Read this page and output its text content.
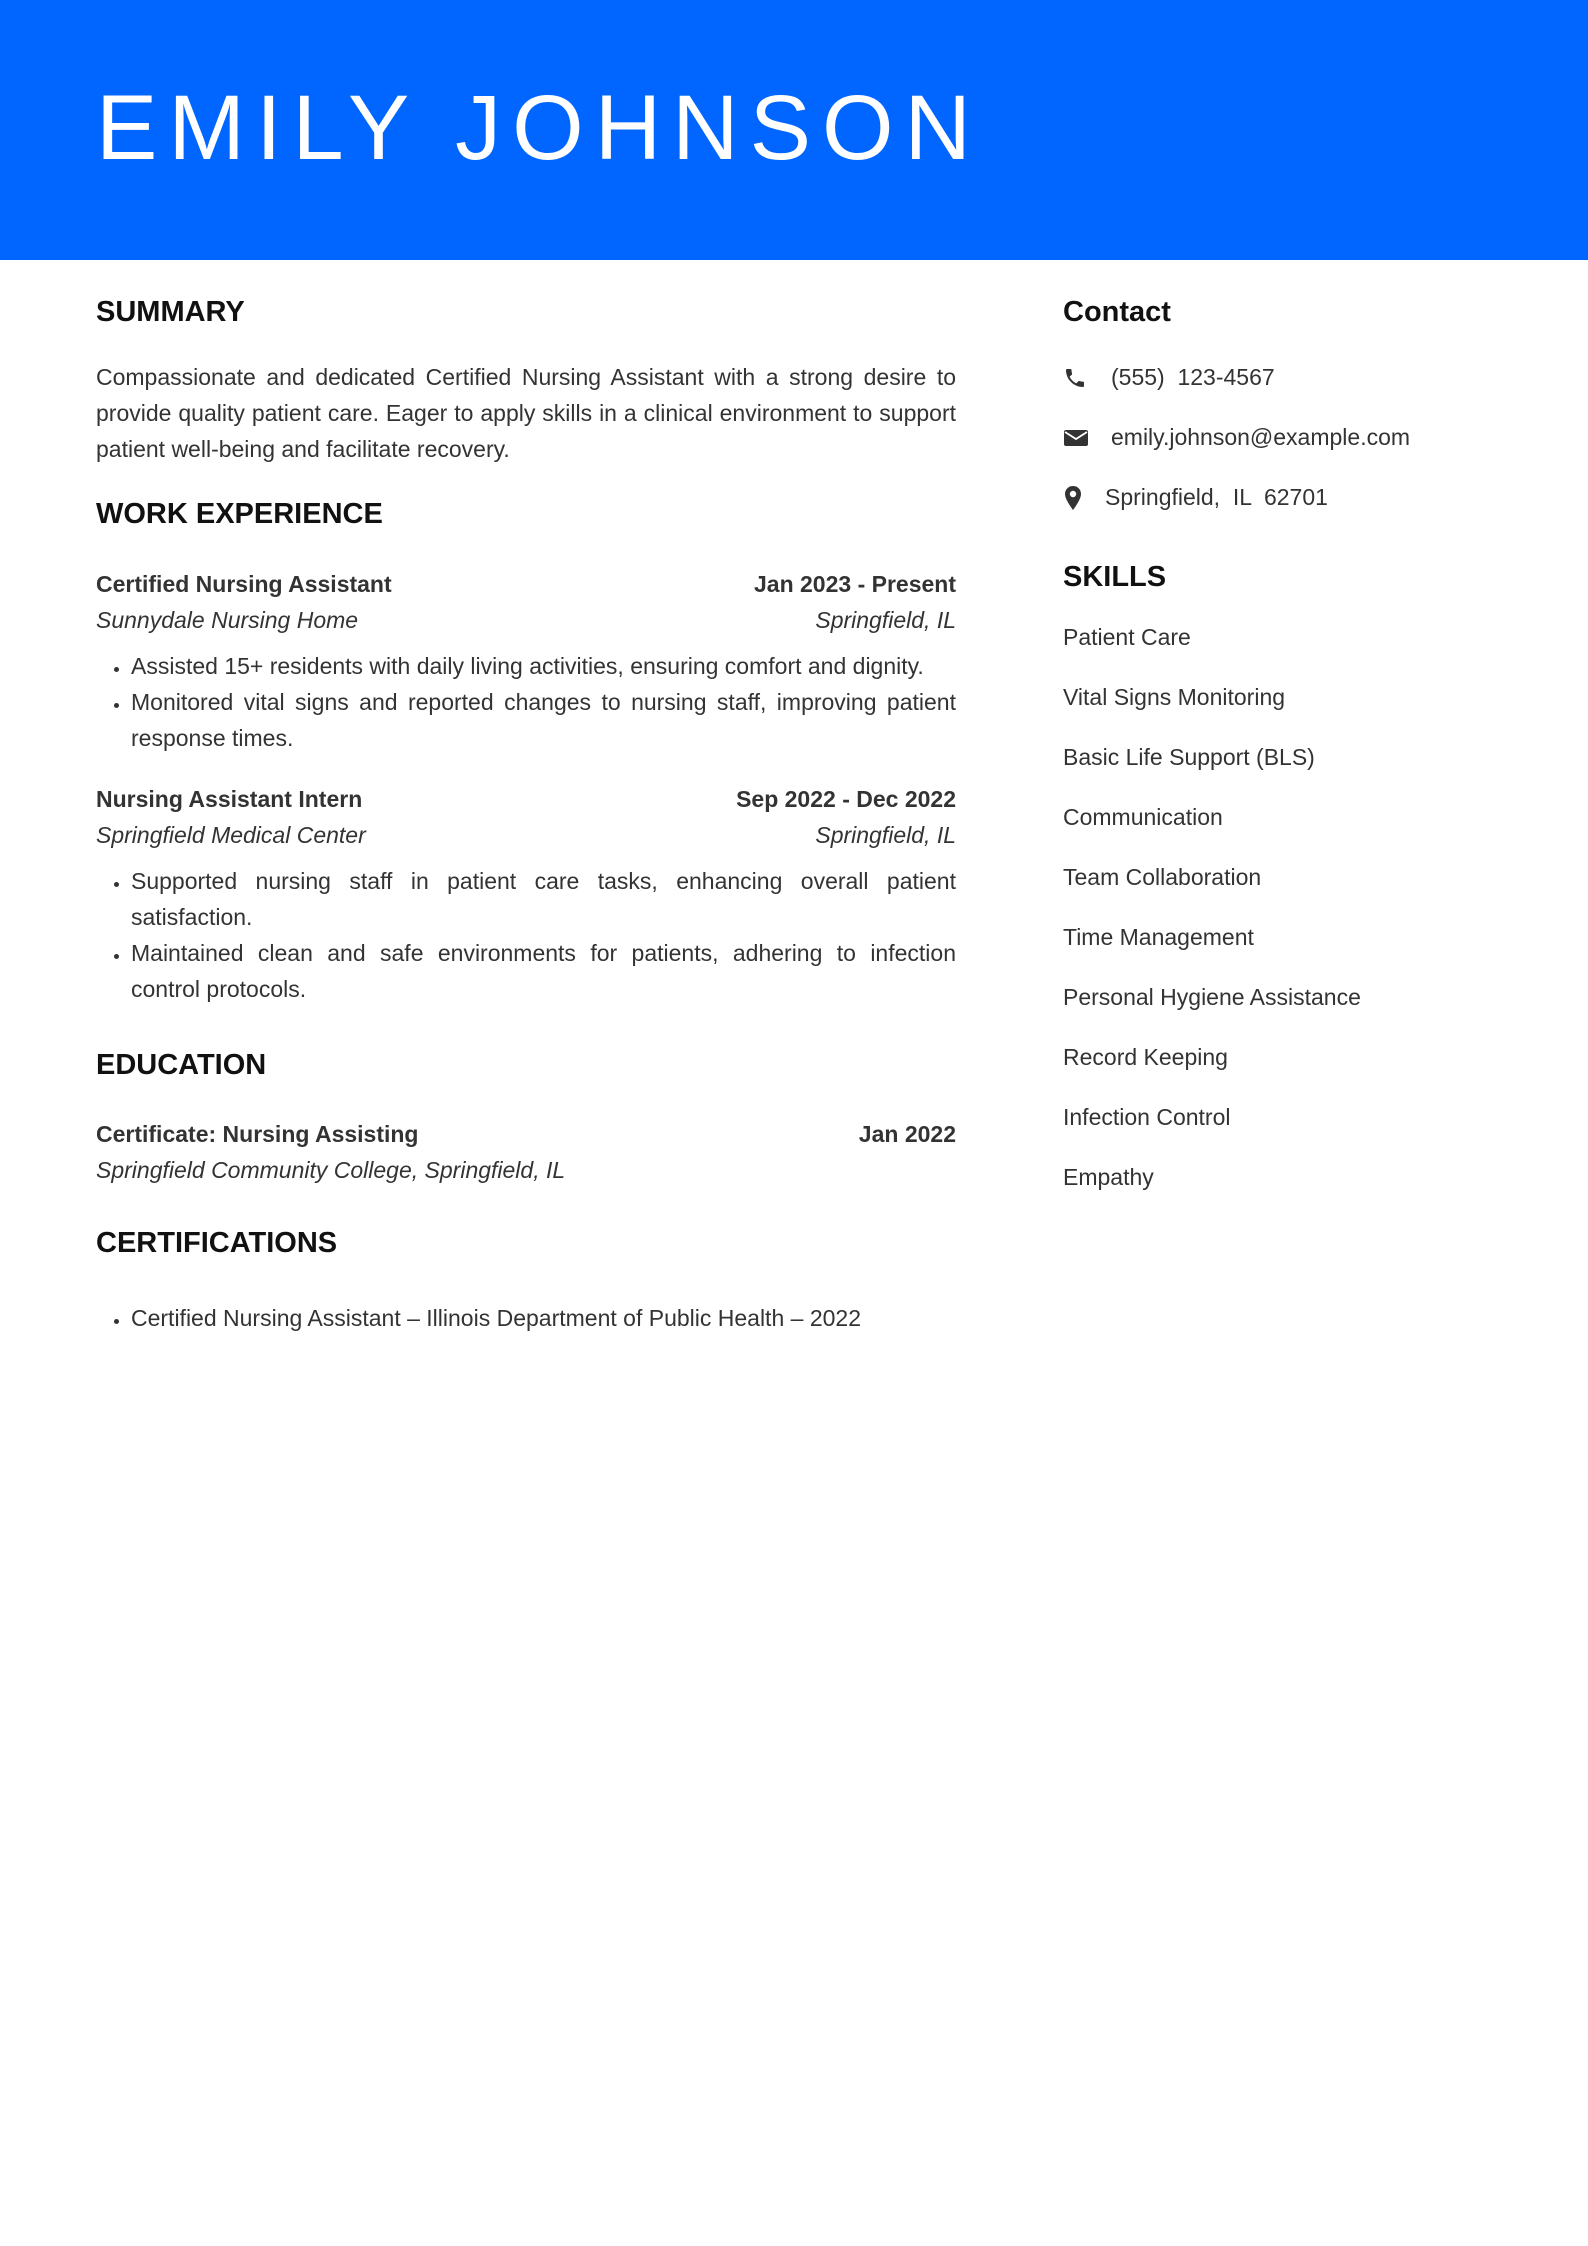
EMILY JOHNSON
SUMMARY

Compassionate and dedicated Certified Nursing Assistant with a strong desire to provide quality patient care. Eager to apply skills in a clinical environment to support patient well-being and facilitate recovery.

WORK EXPERIENCE
Certified Nursing Assistant	Jan 2023 - Present
Sunnydale Nursing Home	Springfield, IL
• Assisted 15+ residents with daily living activities, ensuring comfort and dignity.
• Monitored vital signs and reported changes to nursing staff, improving patient response times.
Nursing Assistant Intern	Sep 2022 - Dec 2022
Springfield Medical Center	Springfield, IL
• Supported nursing staff in patient care tasks, enhancing overall patient satisfaction.
• Maintained clean and safe environments for patients, adhering to infection control protocols.
EDUCATION
Certificate: Nursing Assisting	Jan 2022
Springfield Community College, Springfield, IL
CERTIFICATIONS
• Certified Nursing Assistant – Illinois Department of Public Health – 2022
Contact
(555)  123-4567
emily.johnson@example.com
Springfield,  IL  62701
SKILLS
Patient Care
Vital Signs Monitoring
Basic Life Support (BLS)
Communication
Team Collaboration
Time Management
Personal Hygiene Assistance
Record Keeping
Infection Control
Empathy
